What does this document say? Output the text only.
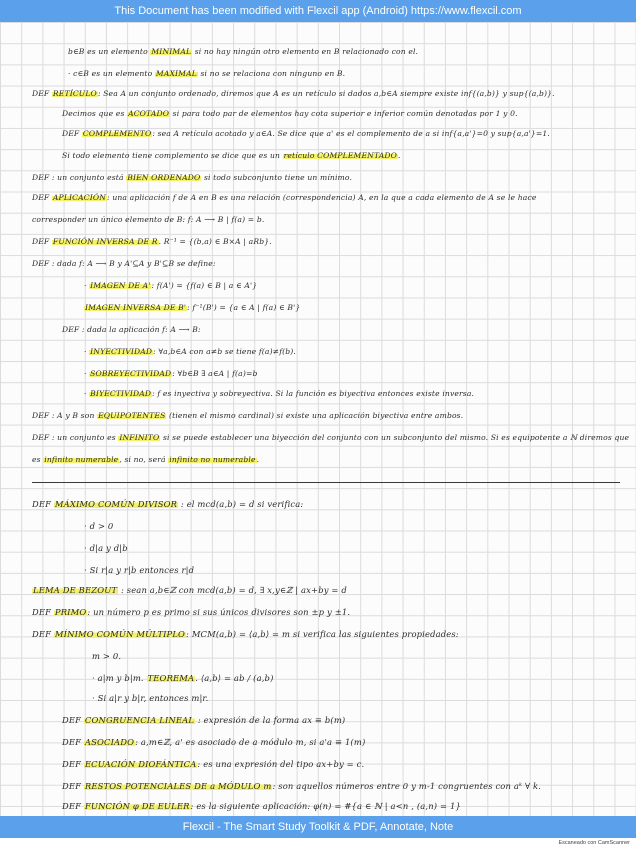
This Document has been modified with Flexcil app (Android) https://www.flexcil.com
b∈B es un elemento MINIMAL si no hay ningún otro elemento en B relacionado con el.
· c∈B es un elemento MAXIMAL si no se relaciona con ninguno en B.
DEF RETÍCULO: Sea A un conjunto ordenado, diremos que A es un retículo si dados a,b∈A siempre existe inf{(a,b)} y sup{(a,b)}.
Decimos que es ACOTADO si para todo par de elementos hay cota superior e inferior común denotadas por 1 y 0.
DEF COMPLEMENTO: sea A retículo acotado y a∈A. Se dice que a' es el complemento de a si inf{a,a'}=0 y sup{a,a'}=1.
Si todo elemento tiene complemento se dice que es un retículo COMPLEMENTADO.
DEF : un conjunto está BIEN ORDENADO si todo subconjunto tiene un mínimo.
DEF APLICACIÓN: una aplicación f de A en B es una relación (correspondencia) A, en la que a cada elemento de A se le hace
corresponder un único elemento de B: f: A ⟶ B | f(a) = b.
DEF FUNCIÓN INVERSA DE R. R⁻¹ = {(b,a) ∈ B×A | aRb}.
DEF : dada f: A ⟶ B y A'⊆A y B'⊆B se define:
· IMAGEN DE A': f(A') = {f(a) ∈ B | a ∈ A'}
IMAGEN INVERSA DE B': f⁻¹(B') = {a ∈ A | f(a) ∈ B'}
DEF : dada la aplicación f: A ⟶ B:
· INYECTIVIDAD: ∀a,b∈A con a≠b se tiene f(a)≠f(b).
· SOBREYECTIVIDAD: ∀b∈B ∃ a∈A | f(a)=b
· BIYECTIVIDAD: f es inyectiva y sobreyectiva. Si la función es biyectiva entonces existe inversa.
DEF : A y B son EQUIPOTENTES (tienen el mismo cardinal) si existe una aplicación biyectiva entre ambos.
DEF : un conjunto es INFINITO si se puede establecer una biyección del conjunto con un subconjunto del mismo. Si es equipotente a ℕ diremos que
es infinito numerable, si no, será infinito no numerable.
DEF MÁXIMO COMÚN DIVISOR : el mcd(a,b) = d si verifica:
· d > 0
· d|a y d|b
· Si r|a y r|b entonces r|d
LEMA DE BEZOUT : sean a,b∈ℤ con mcd(a,b) = d, ∃ x,y∈ℤ | ax+by = d
DEF PRIMO: un número p es primo si sus únicos divisores son ±p y ±1.
DEF MÍNIMO COMÚN MÚLTIPLO: MCM(a,b) = ⟨a,b⟩ = m si verifica las siguientes propiedades:
m > 0.
· a|m y b|m. TEOREMA. ⟨a,b⟩ = ab / (a,b)
· Si a|r y b|r, entonces m|r.
DEF CONGRUENCIA LINEAL : expresión de la forma ax ≡ b(m)
DEF ASOCIADO: a,m∈ℤ, a' es asociado de a módulo m, si a'a ≡ 1(m)
DEF ECUACIÓN DIOFÁNTICA: es una expresión del tipo ax+by = c.
DEF RESTOS POTENCIALES DE a MÓDULO m: son aquellos números entre 0 y m-1 congruentes con aᵏ ∀ k.
DEF FUNCIÓN φ DE EULER: es la siguiente aplicación: φ(n) = #{a ∈ ℕ | a<n , (a,n) = 1}
Flexcil - The Smart Study Toolkit & PDF, Annotate, Note
Escaneado con CamScanner
